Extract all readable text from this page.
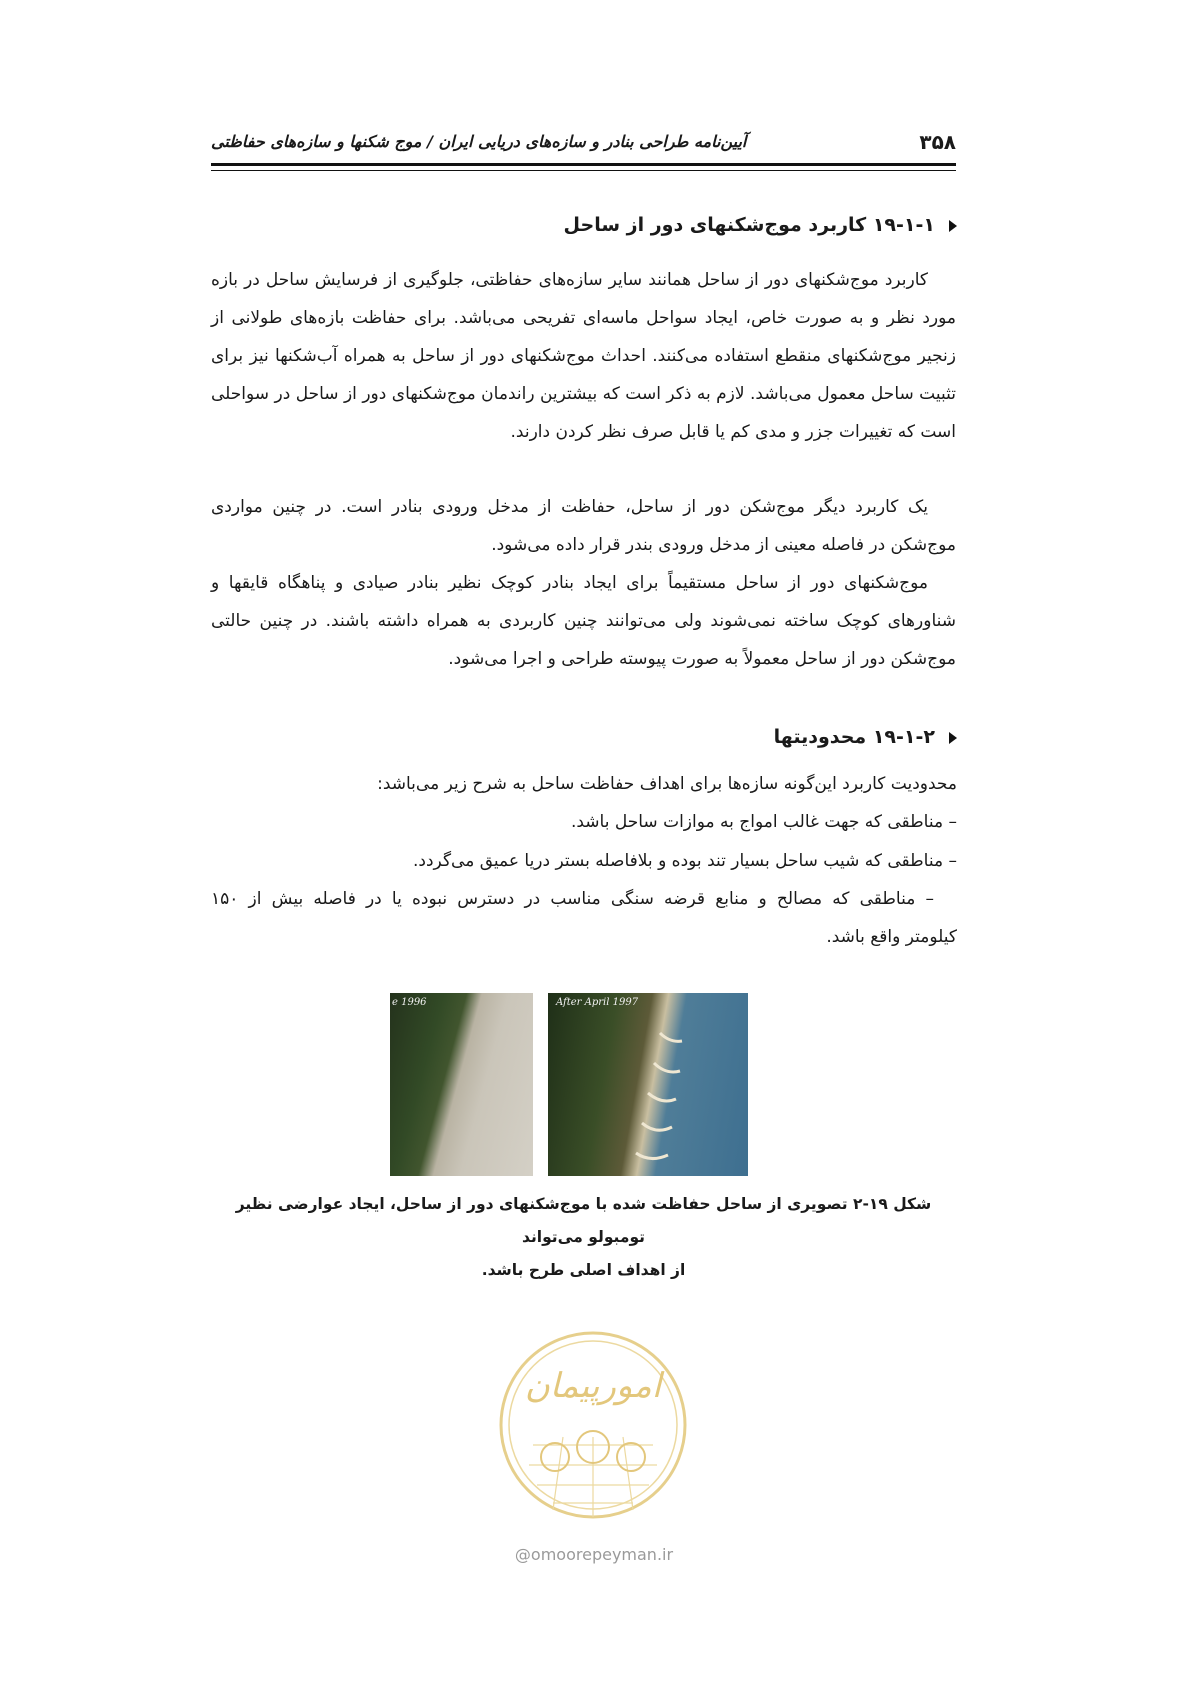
۳۵۸
آیین‌نامه طراحی بنادر و سازه‌های دریایی ایران / موج شکنها و سازه‌های حفاظتی
۱۹-۱-۱ کاربرد موج‌شکنهای دور از ساحل

کاربرد موج‌شکنهای دور از ساحل همانند سایر سازه‌های حفاظتی، جلوگیری از فرسایش ساحل در بازه مورد نظر و به صورت خاص، ایجاد سواحل ماسه‌ای تفریحی می‌باشد. برای حفاظت بازه‌های طولانی از زنجیر موج‌شکنهای منقطع استفاده می‌کنند. احداث موج‌شکنهای دور از ساحل به همراه آب‌شکنها نیز برای تثبیت ساحل معمول می‌باشد. لازم به ذکر است که بیشترین راندمان موج‌شکنهای دور از ساحل در سواحلی است که تغییرات جزر و مدی کم یا قابل صرف نظر کردن دارند.

یک کاربرد دیگر موج‌شکن دور از ساحل، حفاظت از مدخل ورودی بنادر است. در چنین مواردی موج‌شکن در فاصله معینی از مدخل ورودی بندر قرار داده می‌شود.

موج‌شکنهای دور از ساحل مستقیماً برای ایجاد بنادر کوچک نظیر بنادر صیادی و پناهگاه قایقها و شناورهای کوچک ساخته نمی‌شوند ولی می‌توانند چنین کاربردی به همراه داشته باشند. در چنین حالتی موج‌شکن دور از ساحل معمولاً به صورت پیوسته طراحی و اجرا می‌شود.

۱۹-۱-۲ محدودیتها
محدودیت کاربرد این‌گونه سازه‌ها برای اهداف حفاظت ساحل به شرح زیر می‌باشد:
– مناطقی که جهت غالب امواج به موازات ساحل باشد.
– مناطقی که شیب ساحل بسیار تند بوده و بلافاصله بستر دریا عمیق می‌گردد.
– مناطقی که مصالح و منابع قرضه سنگی مناسب در دسترس نبوده یا در فاصله بیش از ۱۵۰
کیلومتر واقع باشد.
e 1996	After April 1997
شکل ۱۹-۲ تصویری از ساحل حفاظت شده با موج‌شکنهای دور از ساحل، ایجاد عوارضی نظیر تومبولو می‌تواند
از اهداف اصلی طرح باشد.
امورپیمان
@omoorepeyman.ir
